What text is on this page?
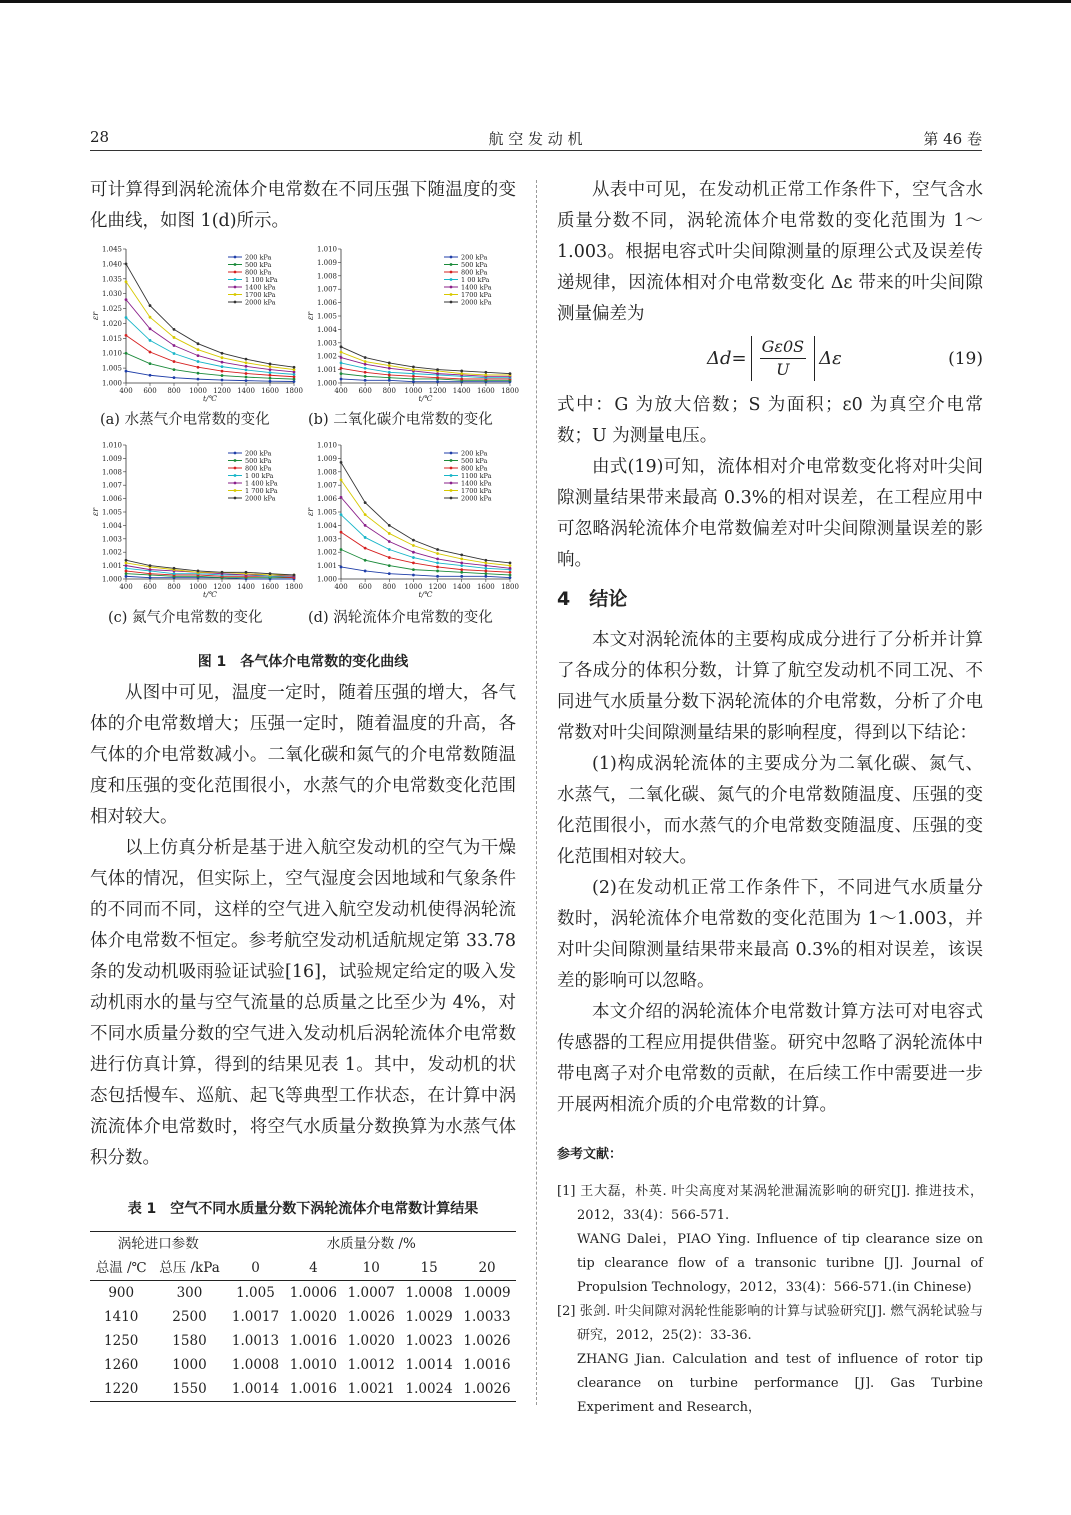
28	航 空 发 动 机	第 46 卷

可计算得到涡轮流体介电常数在不同压强下随温度的变化曲线，如图 1(d)所示。

1.000
1.005
1.010
1.015
1.020
1.025
1.030
1.035
1.040
1.045
400 600 800 1000 1200 1400 1600 1800
t/℃
εr
200 kPa
500 kPa
800 kPa
1 100 kPa
1400 kPa
1700 kPa
2000 kPa
1.000
1.001
1.002
1.003
1.004
1.005
1.006
1.007
1.008
1.009
1.010
400 600 800 1000 1200 1400 1600 1800
t/℃
εr
200 kPa
500 kPa
800 kPa
1 00 kPa
1400 kPa
1700 kPa
2000 kPa
(a) 水蒸气介电常数的变化	(b) 二氧化碳介电常数的变化
1.000
1.001
1.002
1.003
1.004
1.005
1.006
1.007
1.008
1.009
1.010
400 600 800 1000 1200 1400 1600 1800
t/℃
εr
200 kPa
500 kPa
800 kPa
1 00 kPa
1 400 kPa
1 700 kPa
2000 kPa
1.000
1.001
1.002
1.003
1.004
1.005
1.006
1.007
1.008
1.009
1.010
400 600 800 1000 1200 1400 1600 1800
t/℃
εr
200 kPa
500 kPa
800 kPa
1100 kPa
1400 kPa
1700 kPa
2000 kPa
(c) 氮气介电常数的变化	(d) 涡轮流体介电常数的变化

图 1　各气体介电常数的变化曲线

从图中可见，温度一定时，随着压强的增大，各气体的介电常数增大；压强一定时，随着温度的升高，各气体的介电常数减小。二氧化碳和氮气的介电常数随温度和压强的变化范围很小，水蒸气的介电常数变化范围相对较大。

以上仿真分析是基于进入航空发动机的空气为干燥气体的情况，但实际上，空气湿度会因地域和气象条件的不同而不同，这样的空气进入航空发动机使得涡轮流体介电常数不恒定。参考航空发动机适航规定第 33.78 条的发动机吸雨验证试验[16]，试验规定给定的吸入发动机雨水的量与空气流量的总质量之比至少为 4%，对不同水质量分数的空气进入发动机后涡轮流体介电常数进行仿真计算，得到的结果见表 1。其中，发动机的状态包括慢车、巡航、起飞等典型工作状态，在计算中涡流流体介电常数时，将空气水质量分数换算为水蒸气体积分数。

表 1　空气不同水质量分数下涡轮流体介电常数计算结果
涡轮进口参数		水质量分数 /%				
总温 /℃	总压 /kPa	0	4	10	15	20
900	300	1.005	1.0006	1.0007	1.0008	1.0009
1410	2500	1.0017	1.0020	1.0026	1.0029	1.0033
1250	1580	1.0013	1.0016	1.0020	1.0023	1.0026
1260	1000	1.0008	1.0010	1.0012	1.0014	1.0016
1220	1550	1.0014	1.0016	1.0021	1.0024	1.0026

从表中可见，在发动机正常工作条件下，空气含水质量分数不同，涡轮流体介电常数的变化范围为 1～1.003。根据电容式叶尖间隙测量的原理公式及误差传递规律，因流体相对介电常数变化 Δε 带来的叶尖间隙测量偏差为

$\Delta d= \frac{G\varepsilon 0S}{U}$ Δε	(19)

式中：G 为放大倍数；S 为面积；ε0 为真空介电常数；U 为测量电压。

由式(19)可知，流体相对介电常数变化将对叶尖间隙测量结果带来最高 0.3%的相对误差，在工程应用中可忽略涡轮流体介电常数偏差对叶尖间隙测量误差的影响。

4　结论

本文对涡轮流体的主要构成成分进行了分析并计算了各成分的体积分数，计算了航空发动机不同工况、不同进气水质量分数下涡轮流体的介电常数，分析了介电常数对叶尖间隙测量结果的影响程度，得到以下结论：

(1)构成涡轮流体的主要成分为二氧化碳、氮气、水蒸气，二氧化碳、氮气的介电常数随温度、压强的变化范围很小，而水蒸气的介电常数变随温度、压强的变化范围相对较大。

(2)在发动机正常工作条件下，不同进气水质量分数时，涡轮流体介电常数的变化范围为 1～1.003，并对叶尖间隙测量结果带来最高 0.3%的相对误差，该误差的影响可以忽略。

本文介绍的涡轮流体介电常数计算方法可对电容式传感器的工程应用提供借鉴。研究中忽略了涡轮流体中带电离子对介电常数的贡献，在后续工作中需要进一步开展两相流介质的介电常数的计算。

参考文献：
[1] 王大磊，朴英. 叶尖高度对某涡轮泄漏流影响的研究[J]. 推进技术，2012，33(4)：566-571.
WANG Dalei，PIAO Ying. Influence of tip clearance size on tip clearance flow of a transonic turibne [J]. Journal of Propulsion Technology，2012，33(4)：566-571.(in Chinese)
[2] 张剑. 叶尖间隙对涡轮性能影响的计算与试验研究[J]. 燃气涡轮试验与研究，2012，25(2)：33-36.
ZHANG Jian. Calculation and test of influence of rotor tip clearance on turbine performance [J]. Gas Turbine Experiment and Research，
